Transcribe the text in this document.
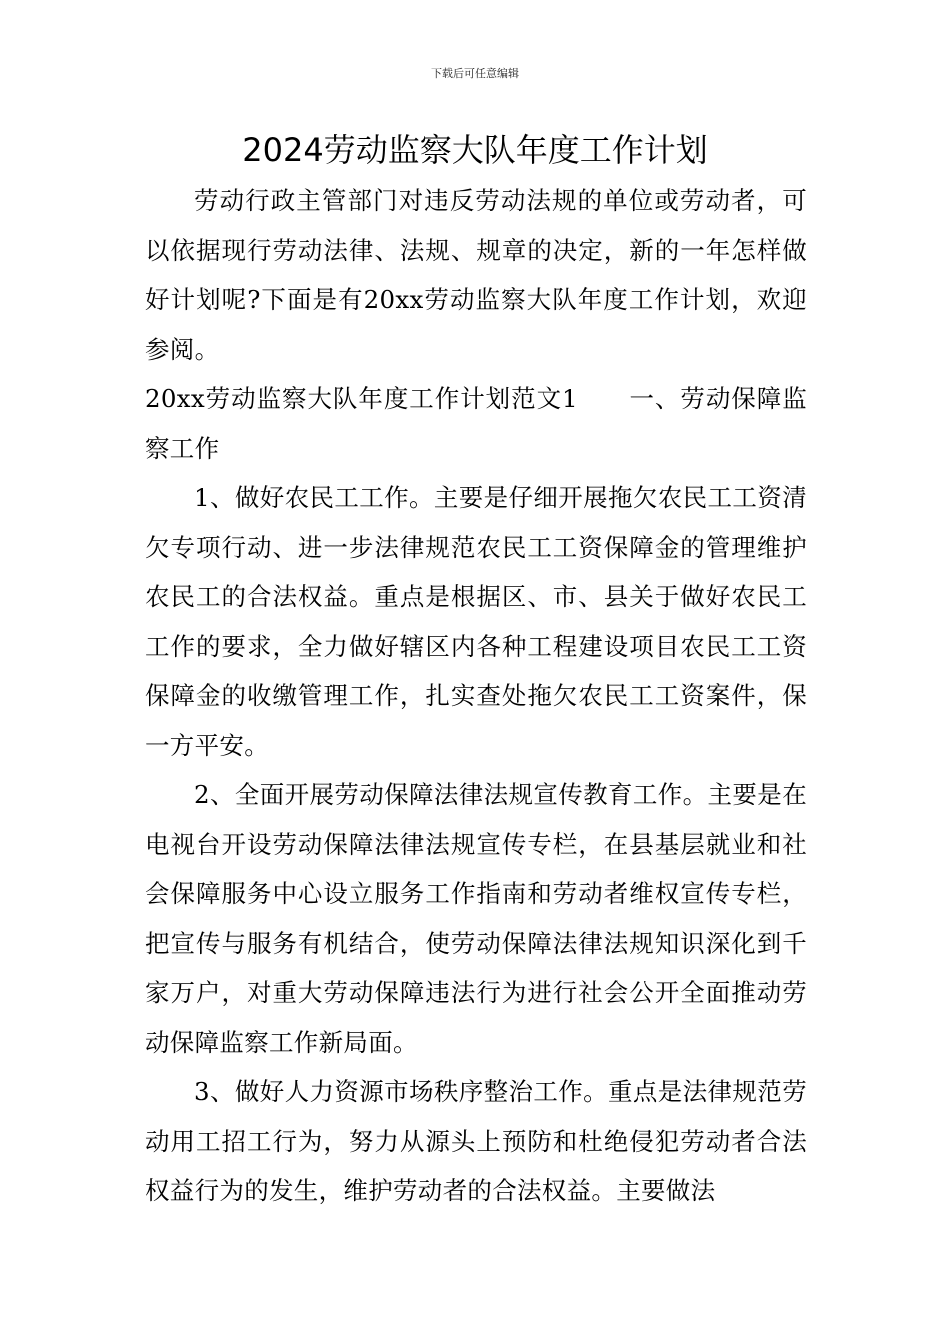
下载后可任意编辑
2024劳动监察大队年度工作计划

劳动行政主管部门对违反劳动法规的单位或劳动者，可以依据现行劳动法律、法规、规章的决定，新的一年怎样做好计划呢?下面是有20xx劳动监察大队年度工作计划，欢迎参阅。

20xx劳动监察大队年度工作计划范文1　　一、劳动保障监察工作

1、做好农民工工作。主要是仔细开展拖欠农民工工资清欠专项行动、进一步法律规范农民工工资保障金的管理维护农民工的合法权益。重点是根据区、市、县关于做好农民工工作的要求，全力做好辖区内各种工程建设项目农民工工资保障金的收缴管理工作，扎实查处拖欠农民工工资案件，保一方平安。

2、全面开展劳动保障法律法规宣传教育工作。主要是在电视台开设劳动保障法律法规宣传专栏，在县基层就业和社会保障服务中心设立服务工作指南和劳动者维权宣传专栏，把宣传与服务有机结合，使劳动保障法律法规知识深化到千家万户，对重大劳动保障违法行为进行社会公开全面推动劳动保障监察工作新局面。

3、做好人力资源市场秩序整治工作。重点是法律规范劳动用工招工行为，努力从源头上预防和杜绝侵犯劳动者合法权益行为的发生，维护劳动者的合法权益。主要做法
